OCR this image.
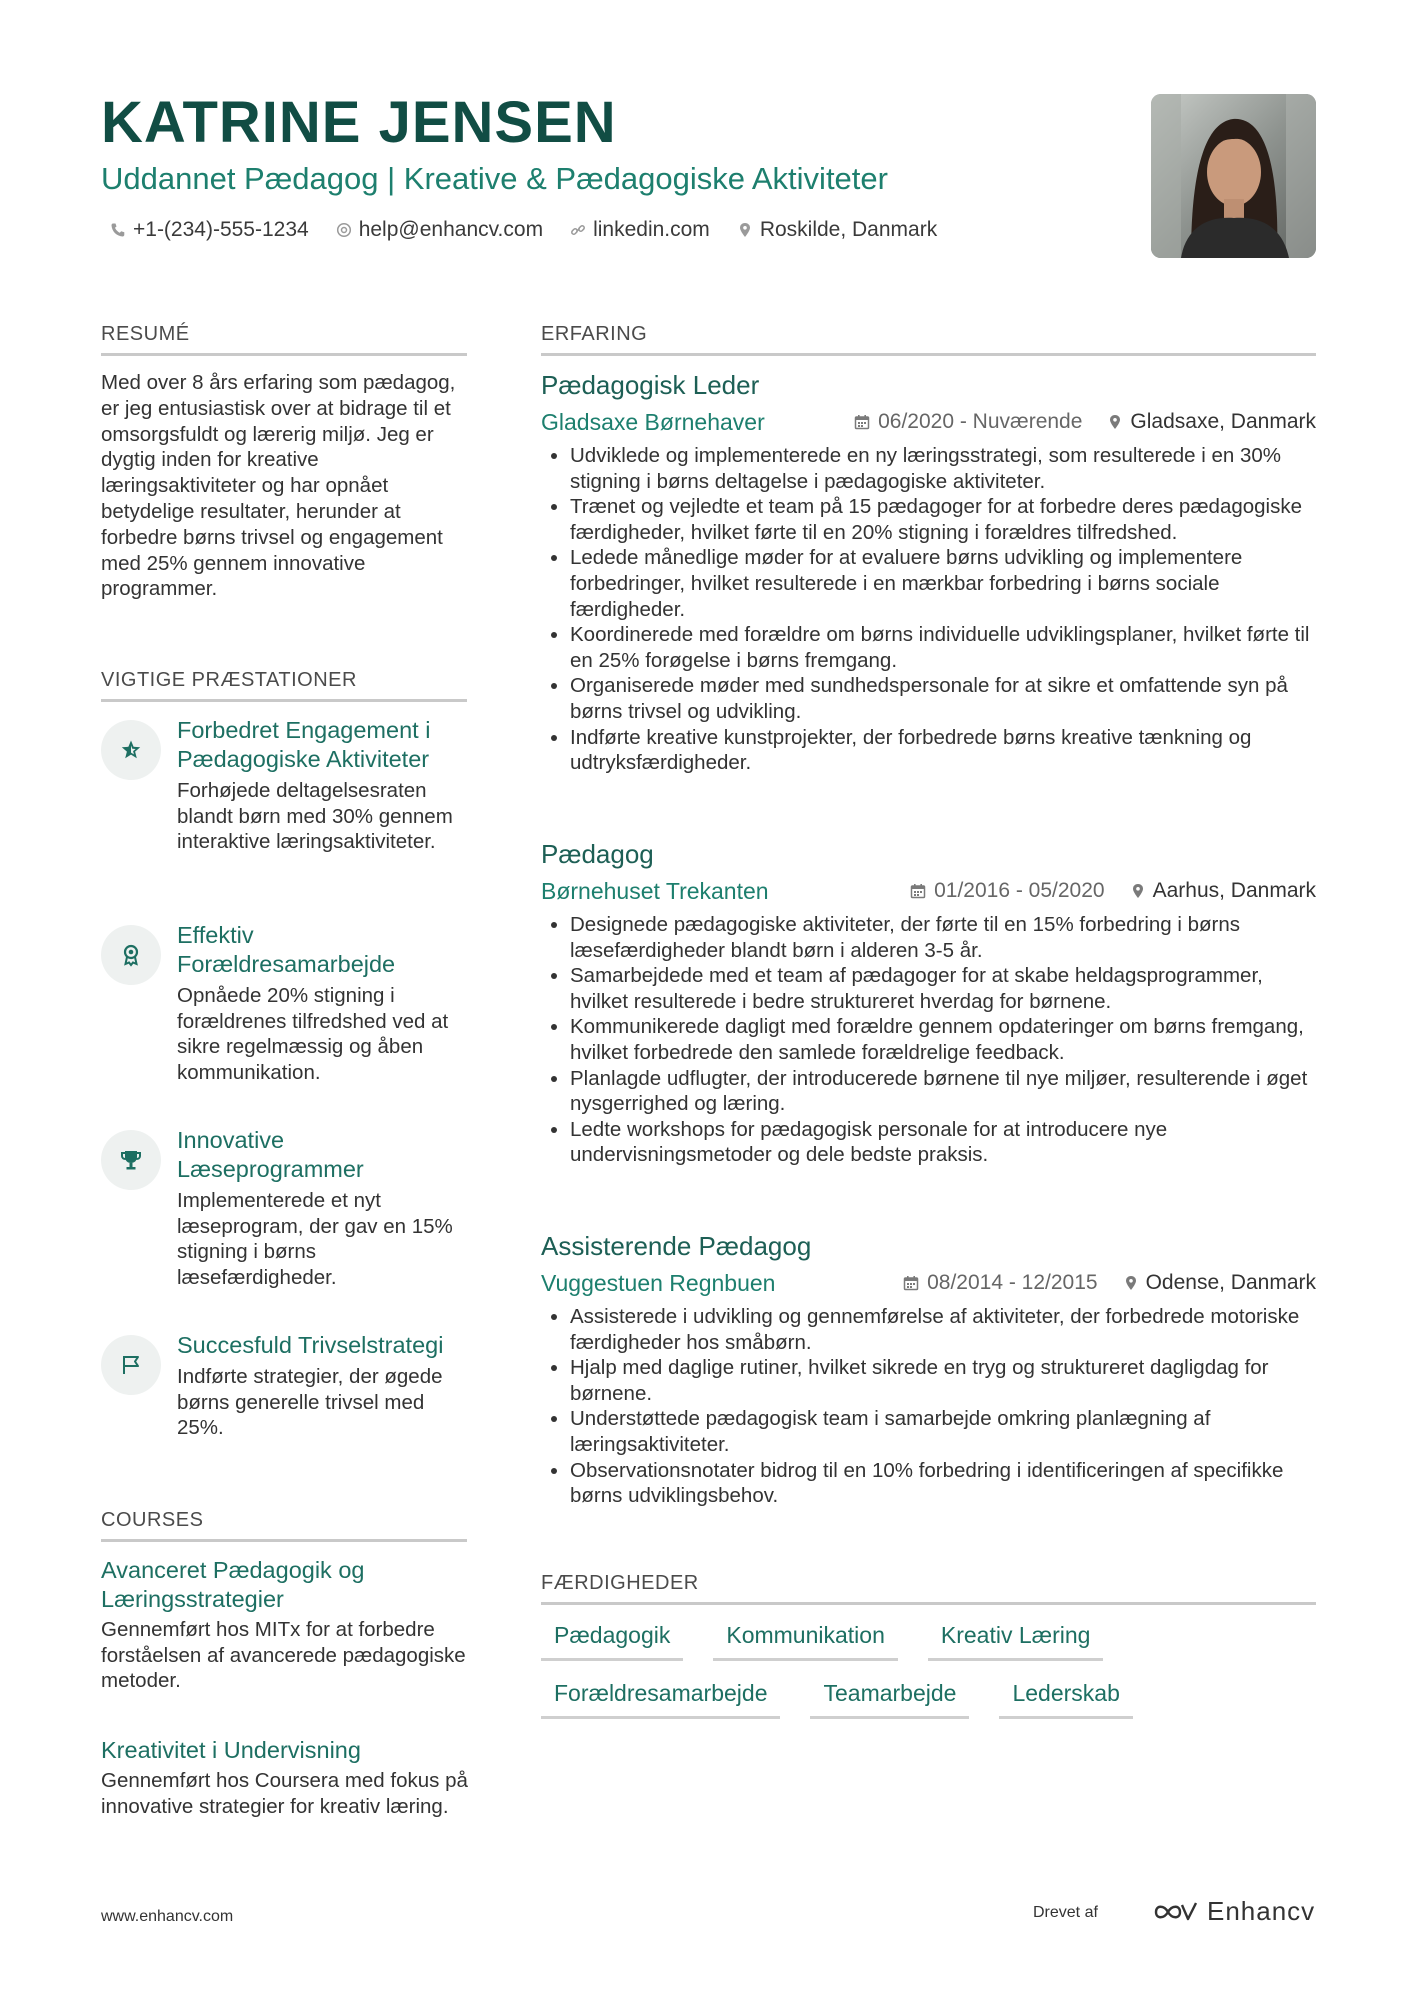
KATRINE JENSEN
Uddannet Pædagog | Kreative & Pædagogiske Aktiviteter
+1-(234)-555-1234 help@enhancv.com linkedin.com Roskilde, Danmark
RESUMÉ
Med over 8 års erfaring som pædagog, er jeg entusiastisk over at bidrage til et omsorgsfuldt og lærerig miljø. Jeg er dygtig inden for kreative læringsaktiviteter og har opnået betydelige resultater, herunder at forbedre børns trivsel og engagement med 25% gennem innovative programmer.
VIGTIGE PRÆSTATIONER
Forbedret Engagement i Pædagogiske Aktiviteter
Forhøjede deltagelsesraten blandt børn med 30% gennem interaktive læringsaktiviteter.
Effektiv Forældresamarbejde
Opnåede 20% stigning i forældrenes tilfredshed ved at sikre regelmæssig og åben kommunikation.
Innovative Læseprogrammer
Implementerede et nyt læseprogram, der gav en 15% stigning i børns læsefærdigheder.
Succesfuld Trivselstrategi
Indførte strategier, der øgede børns generelle trivsel med 25%.
COURSES
Avanceret Pædagogik og Læringsstrategier
Gennemført hos MITx for at forbedre forståelsen af avancerede pædagogiske metoder.
Kreativitet i Undervisning
Gennemført hos Coursera med fokus på innovative strategier for kreativ læring.
ERFARING
Pædagogisk Leder
Gladsaxe Børnehaver	06/2020 - Nuværende Gladsaxe, Danmark
• Udviklede og implementerede en ny læringsstrategi, som resulterede i en 30% stigning i børns deltagelse i pædagogiske aktiviteter.
• Trænet og vejledte et team på 15 pædagoger for at forbedre deres pædagogiske færdigheder, hvilket førte til en 20% stigning i forældres tilfredshed.
• Ledede månedlige møder for at evaluere børns udvikling og implementere forbedringer, hvilket resulterede i en mærkbar forbedring i børns sociale færdigheder.
• Koordinerede med forældre om børns individuelle udviklingsplaner, hvilket førte til en 25% forøgelse i børns fremgang.
• Organiserede møder med sundhedspersonale for at sikre et omfattende syn på børns trivsel og udvikling.
• Indførte kreative kunstprojekter, der forbedrede børns kreative tænkning og udtryksfærdigheder.
Pædagog
Børnehuset Trekanten	01/2016 - 05/2020 Aarhus, Danmark
• Designede pædagogiske aktiviteter, der førte til en 15% forbedring i børns læsefærdigheder blandt børn i alderen 3-5 år.
• Samarbejdede med et team af pædagoger for at skabe heldagsprogrammer, hvilket resulterede i bedre struktureret hverdag for børnene.
• Kommunikerede dagligt med forældre gennem opdateringer om børns fremgang, hvilket forbedrede den samlede forældrelige feedback.
• Planlagde udflugter, der introducerede børnene til nye miljøer, resulterende i øget nysgerrighed og læring.
• Ledte workshops for pædagogisk personale for at introducere nye undervisningsmetoder og dele bedste praksis.
Assisterende Pædagog
Vuggestuen Regnbuen	08/2014 - 12/2015 Odense, Danmark
• Assisterede i udvikling og gennemførelse af aktiviteter, der forbedrede motoriske færdigheder hos småbørn.
• Hjalp med daglige rutiner, hvilket sikrede en tryg og struktureret dagligdag for børnene.
• Understøttede pædagogisk team i samarbejde omkring planlægning af læringsaktiviteter.
• Observationsnotater bidrog til en 10% forbedring i identificeringen af specifikke børns udviklingsbehov.
FÆRDIGHEDER
Pædagogik	Kommunikation	Kreativ Læring
Forældresamarbejde	Teamarbejde	Lederskab
www.enhancv.com	Drevet af	Enhancv
